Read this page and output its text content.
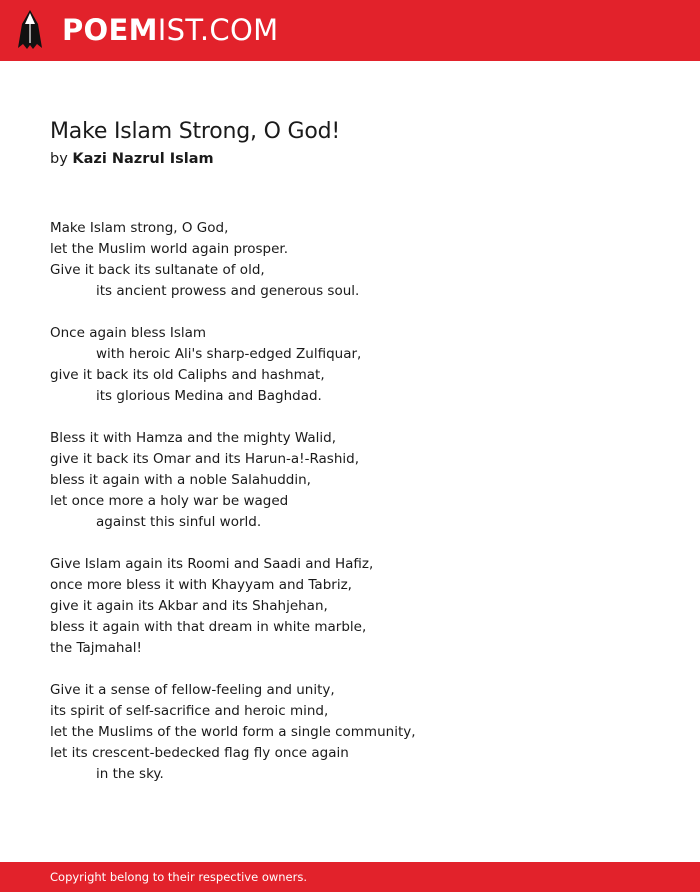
POEMIST.COM
Make Islam Strong, O God!
by Kazi Nazrul Islam
Make Islam strong, O God,
let the Muslim world again prosper.
Give it back its sultanate of old,
its ancient prowess and generous soul.
Once again bless Islam
with heroic Ali's sharp-edged Zulfiquar,
give it back its old Caliphs and hashmat,
its glorious Medina and Baghdad.
Bless it with Hamza and the mighty Walid,
give it back its Omar and its Harun-a!-Rashid,
bless it again with a noble Salahuddin,
let once more a holy war be waged
against this sinful world.
Give Islam again its Roomi and Saadi and Hafiz,
once more bless it with Khayyam and Tabriz,
give it again its Akbar and its Shahjehan,
bless it again with that dream in white marble,
the Tajmahal!
Give it a sense of fellow-feeling and unity,
its spirit of self-sacrifice and heroic mind,
let the Muslims of the world form a single community,
let its crescent-bedecked flag fly once again
in the sky.
Copyright belong to their respective owners.
